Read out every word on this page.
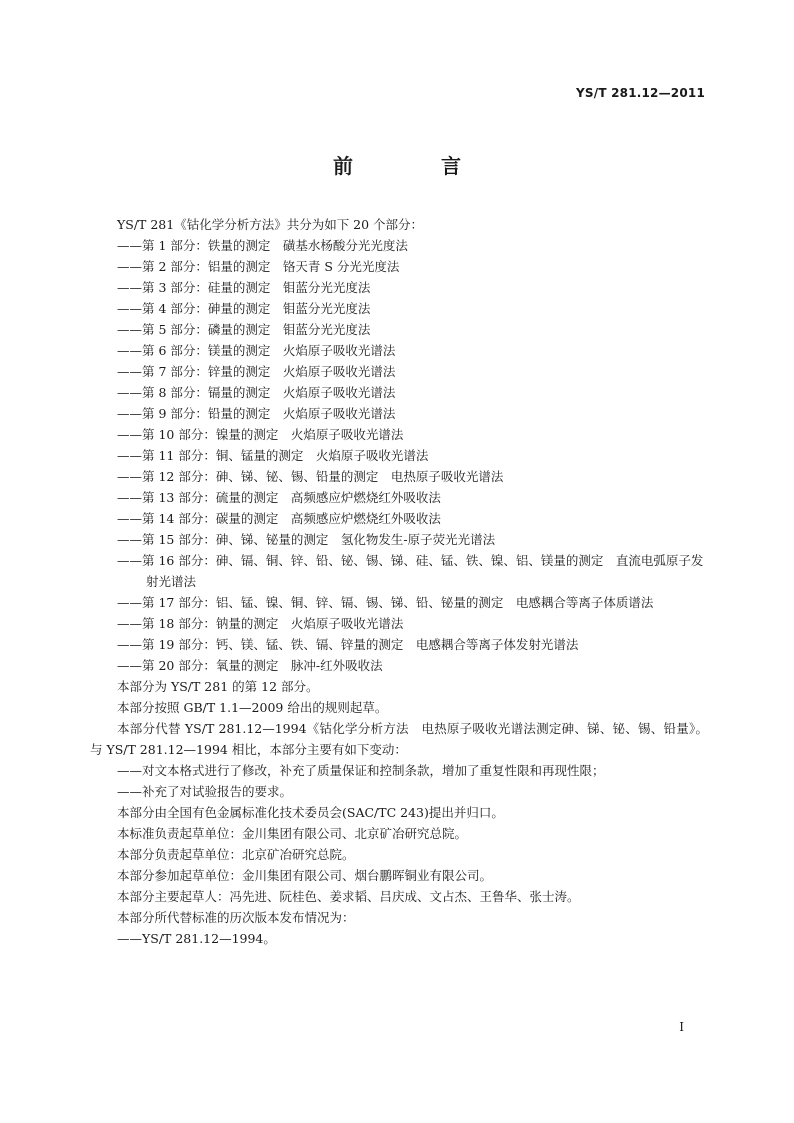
YS/T 281.12—2011
前　言

YS/T 281《钴化学分析方法》共分为如下 20 个部分：

——第 1 部分：铁量的测定　磺基水杨酸分光光度法

——第 2 部分：铝量的测定　铬天青 S 分光光度法

——第 3 部分：硅量的测定　钼蓝分光光度法

——第 4 部分：砷量的测定　钼蓝分光光度法

——第 5 部分：磷量的测定　钼蓝分光光度法

——第 6 部分：镁量的测定　火焰原子吸收光谱法

——第 7 部分：锌量的测定　火焰原子吸收光谱法

——第 8 部分：镉量的测定　火焰原子吸收光谱法

——第 9 部分：铅量的测定　火焰原子吸收光谱法

——第 10 部分：镍量的测定　火焰原子吸收光谱法

——第 11 部分：铜、锰量的测定　火焰原子吸收光谱法

——第 12 部分：砷、锑、铋、锡、铅量的测定　电热原子吸收光谱法

——第 13 部分：硫量的测定　高频感应炉燃烧红外吸收法

——第 14 部分：碳量的测定　高频感应炉燃烧红外吸收法

——第 15 部分：砷、锑、铋量的测定　氢化物发生-原子荧光光谱法

——第 16 部分：砷、镉、铜、锌、铅、铋、锡、锑、硅、锰、铁、镍、铝、镁量的测定　直流电弧原子发射光谱法

——第 17 部分：铝、锰、镍、铜、锌、镉、锡、锑、铅、铋量的测定　电感耦合等离子体质谱法

——第 18 部分：钠量的测定　火焰原子吸收光谱法

——第 19 部分：钙、镁、锰、铁、镉、锌量的测定　电感耦合等离子体发射光谱法

——第 20 部分：氧量的测定　脉冲-红外吸收法

本部分为 YS/T 281 的第 12 部分。

本部分按照 GB/T 1.1—2009 给出的规则起草。

本部分代替 YS/T 281.12—1994《钴化学分析方法　电热原子吸收光谱法测定砷、锑、铋、锡、铅量》。与 YS/T 281.12—1994 相比，本部分主要有如下变动：

——对文本格式进行了修改，补充了质量保证和控制条款，增加了重复性限和再现性限；

——补充了对试验报告的要求。

本部分由全国有色金属标准化技术委员会(SAC/TC 243)提出并归口。

本标准负责起草单位：金川集团有限公司、北京矿冶研究总院。

本部分负责起草单位：北京矿冶研究总院。

本部分参加起草单位：金川集团有限公司、烟台鹏晖铜业有限公司。

本部分主要起草人：冯先进、阮桂色、姜求韬、吕庆成、文占杰、王鲁华、张士涛。

本部分所代替标准的历次版本发布情况为：

——YS/T 281.12—1994。

I
